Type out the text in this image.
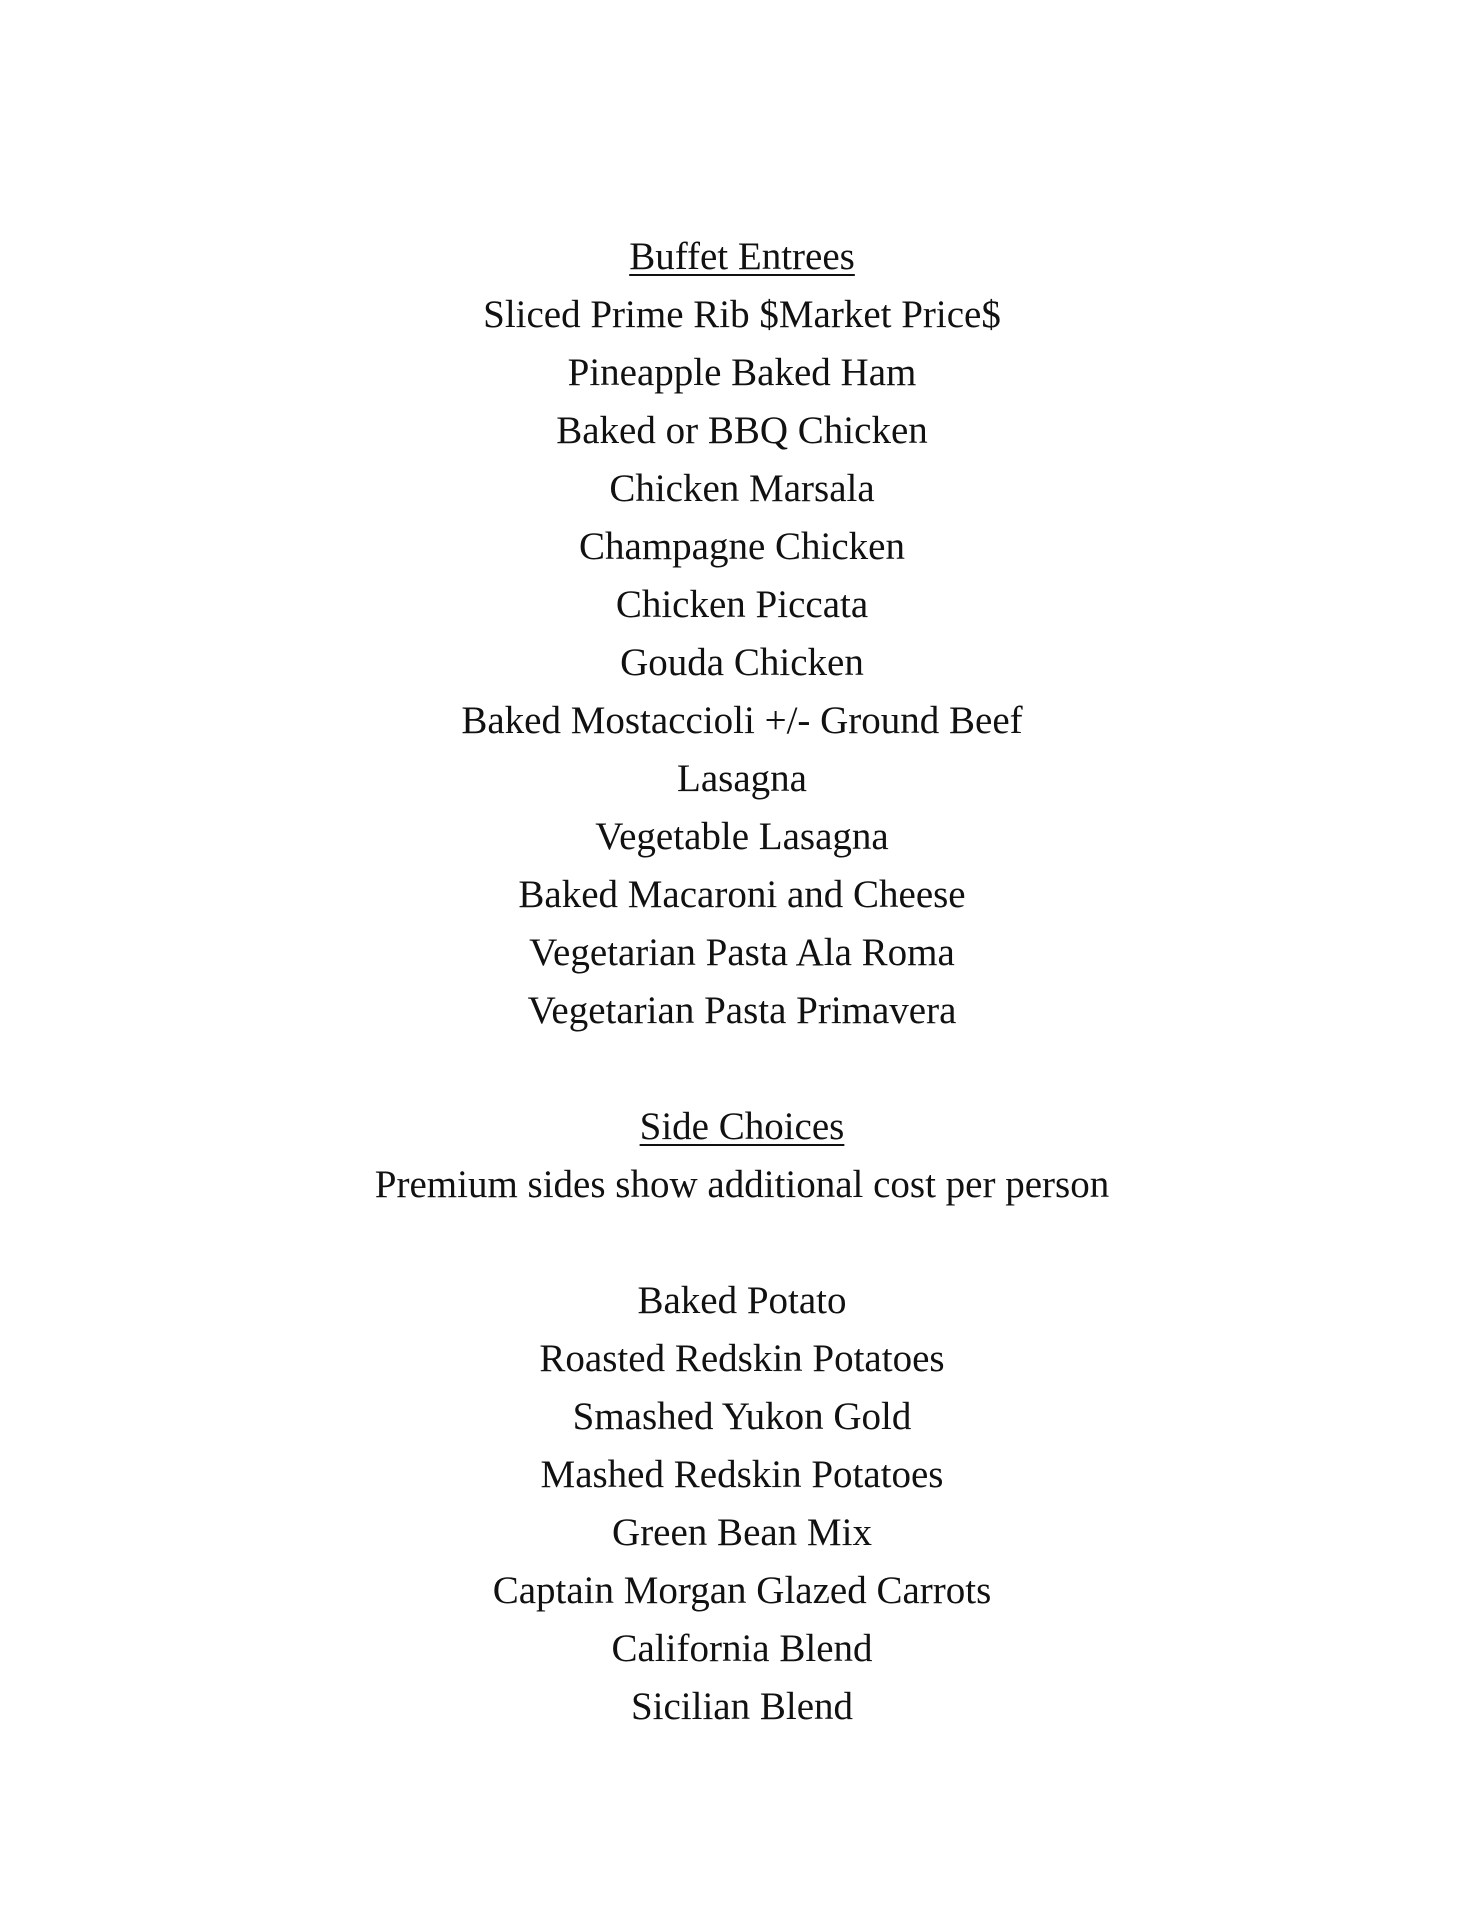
Buffet Entrees
Sliced Prime Rib $Market Price$
Pineapple Baked Ham
Baked or BBQ Chicken
Chicken Marsala
Champagne Chicken
Chicken Piccata
Gouda Chicken
Baked Mostaccioli +/- Ground Beef
Lasagna
Vegetable Lasagna
Baked Macaroni and Cheese
Vegetarian Pasta Ala Roma
Vegetarian Pasta Primavera
Side Choices
Premium sides show additional cost per person
Baked Potato
Roasted Redskin Potatoes
Smashed Yukon Gold
Mashed Redskin Potatoes
Green Bean Mix
Captain Morgan Glazed Carrots
California Blend
Sicilian Blend
